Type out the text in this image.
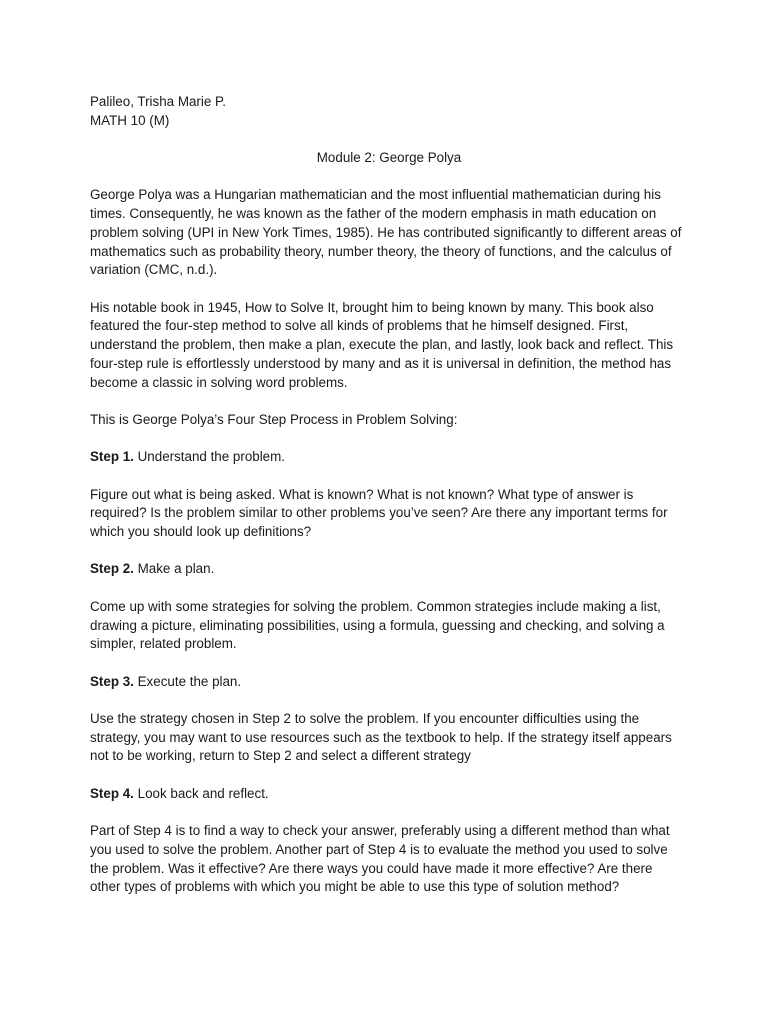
Palileo, Trisha Marie P.

MATH 10 (M)

Module 2: George Polya

George Polya was a Hungarian mathematician and the most influential mathematician during his times. Consequently, he was known as the father of the modern emphasis in math education on problem solving (UPI in New York Times, 1985). He has contributed significantly to different areas of mathematics such as probability theory, number theory, the theory of functions, and the calculus of variation (CMC, n.d.).

His notable book in 1945, How to Solve It, brought him to being known by many. This book also featured the four-step method to solve all kinds of problems that he himself designed. First, understand the problem, then make a plan, execute the plan, and lastly, look back and reflect. This four-step rule is effortlessly understood by many and as it is universal in definition, the method has become a classic in solving word problems.

This is George Polya’s Four Step Process in Problem Solving:

Step 1. Understand the problem.

Figure out what is being asked. What is known? What is not known? What type of answer is required? Is the problem similar to other problems you’ve seen? Are there any important terms for which you should look up definitions?

Step 2. Make a plan.

Come up with some strategies for solving the problem. Common strategies include making a list, drawing a picture, eliminating possibilities, using a formula, guessing and checking, and solving a simpler, related problem.

Step 3. Execute the plan.

Use the strategy chosen in Step 2 to solve the problem. If you encounter difficulties using the strategy, you may want to use resources such as the textbook to help. If the strategy itself appears not to be working, return to Step 2 and select a different strategy

Step 4. Look back and reflect.

Part of Step 4 is to find a way to check your answer, preferably using a different method than what you used to solve the problem. Another part of Step 4 is to evaluate the method you used to solve the problem. Was it effective? Are there ways you could have made it more effective? Are there other types of problems with which you might be able to use this type of solution method?
